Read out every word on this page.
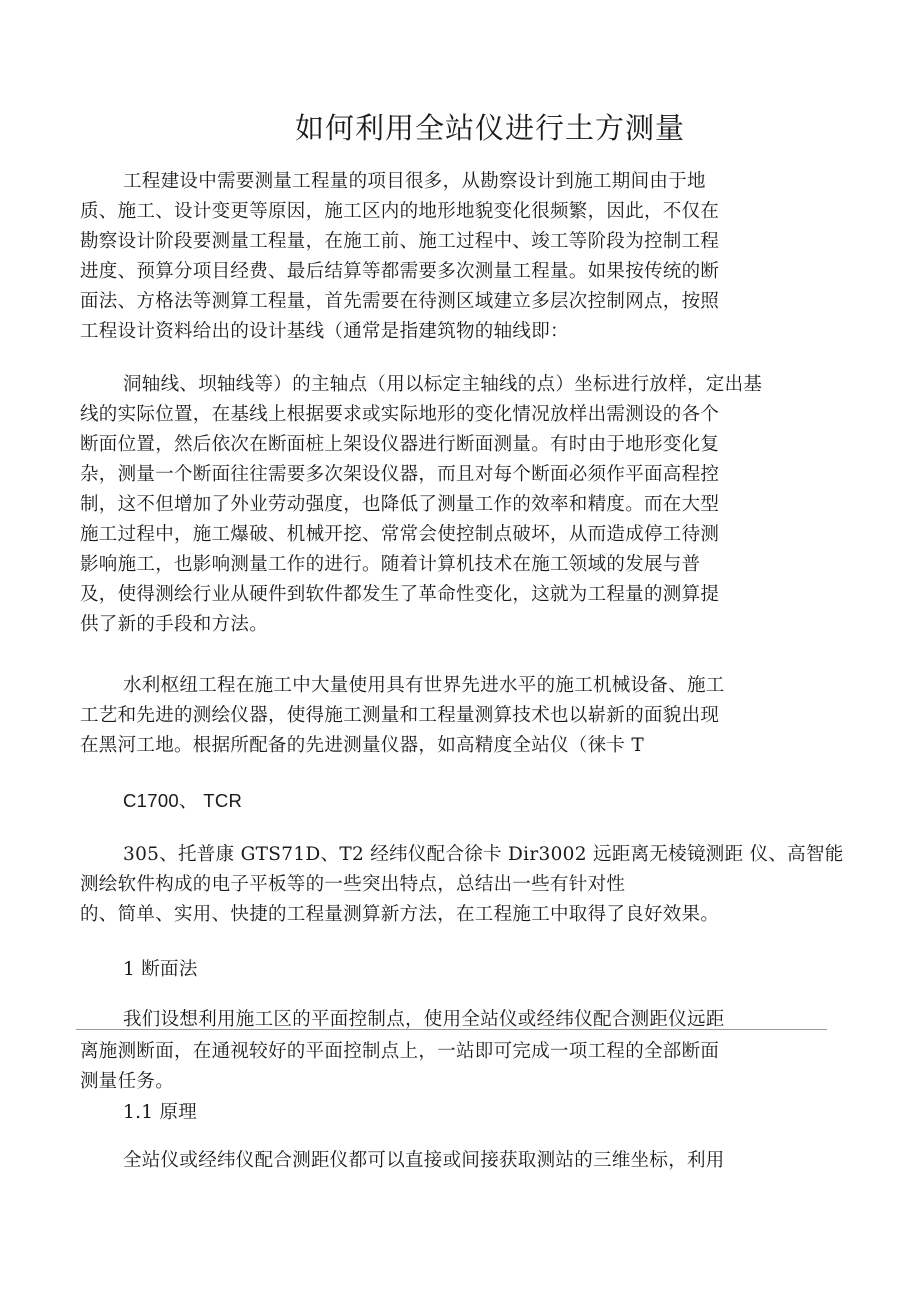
如何利用全站仪进行土方测量
工程建设中需要测量工程量的项目很多，从勘察设计到施工期间由于地
质、施工、设计变更等原因，施工区内的地形地貌变化很频繁，因此，不仅在
勘察设计阶段要测量工程量，在施工前、施工过程中、竣工等阶段为控制工程
进度、预算分项目经费、最后结算等都需要多次测量工程量。如果按传统的断
面法、方格法等测算工程量，首先需要在待测区域建立多层次控制网点，按照
工程设计资料给出的设计基线（通常是指建筑物的轴线即：
洞轴线、坝轴线等）的主轴点（用以标定主轴线的点）坐标进行放样，定出基
线的实际位置，在基线上根据要求或实际地形的变化情况放样出需测设的各个
断面位置，然后依次在断面桩上架设仪器进行断面测量。有时由于地形变化复
杂，测量一个断面往往需要多次架设仪器，而且对每个断面必须作平面高程控
制，这不但增加了外业劳动强度，也降低了测量工作的效率和精度。而在大型
施工过程中，施工爆破、机械开挖、常常会使控制点破坏，从而造成停工待测
影响施工，也影响测量工作的进行。随着计算机技术在施工领域的发展与普
及，使得测绘行业从硬件到软件都发生了革命性变化，这就为工程量的测算提
供了新的手段和方法。
水利枢纽工程在施工中大量使用具有世界先进水平的施工机械设备、施工
工艺和先进的测绘仪器，使得施工测量和工程量测算技术也以崭新的面貌出现
在黑河工地。根据所配备的先进测量仪器，如高精度全站仪（徕卡 T
C1700、 TCR
305、托普康 GTS71D、T2 经纬仪配合徐卡 Dir3002 远距离无棱镜测距 仪、高智能
测绘软件构成的电子平板等的一些突出特点，总结出一些有针对性
的、简单、实用、快捷的工程量测算新方法，在工程施工中取得了良好效果。
1 断面法
我们设想利用施工区的平面控制点，使用全站仪或经纬仪配合测距仪远距
离施测断面，在通视较好的平面控制点上，一站即可完成一项工程的全部断面
测量任务。
1.1 原理
全站仪或经纬仪配合测距仪都可以直接或间接获取测站的三维坐标，利用
